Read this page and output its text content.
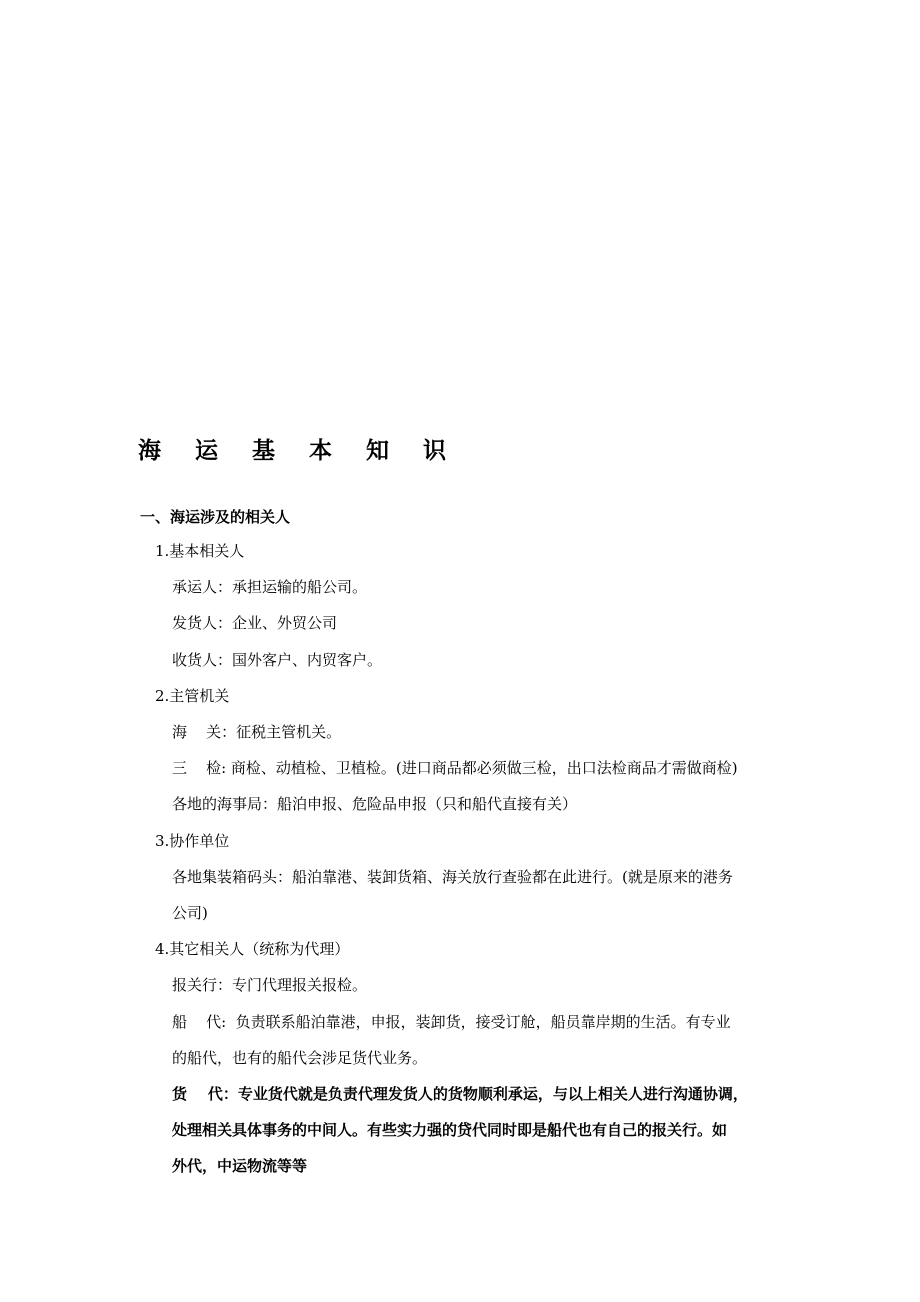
海 运 基 本 知 识
一、海运涉及的相关人
1.基本相关人
承运人：承担运输的船公司。
发货人：企业、外贸公司
收货人：国外客户、内贸客户。
2.主管机关
海    关：征税主管机关。
三    检: 商检、动植检、卫植检。(进口商品都必须做三检，出口法检商品才需做商检)
各地的海事局：船泊申报、危险品申报（只和船代直接有关）
3.协作单位
各地集装箱码头：船泊靠港、装卸货箱、海关放行查验都在此进行。(就是原来的港务
公司)
4.其它相关人（统称为代理）
报关行：专门代理报关报检。
船    代:  负责联系船泊靠港，申报，装卸货，接受订舱，船员靠岸期的生活。有专业
的船代，也有的船代会涉足货代业务。
货    代：专业货代就是负责代理发货人的货物顺利承运，与以上相关人进行沟通协调，
处理相关具体事务的中间人。有些实力强的贷代同时即是船代也有自己的报关行。如
外代，中运物流等等
